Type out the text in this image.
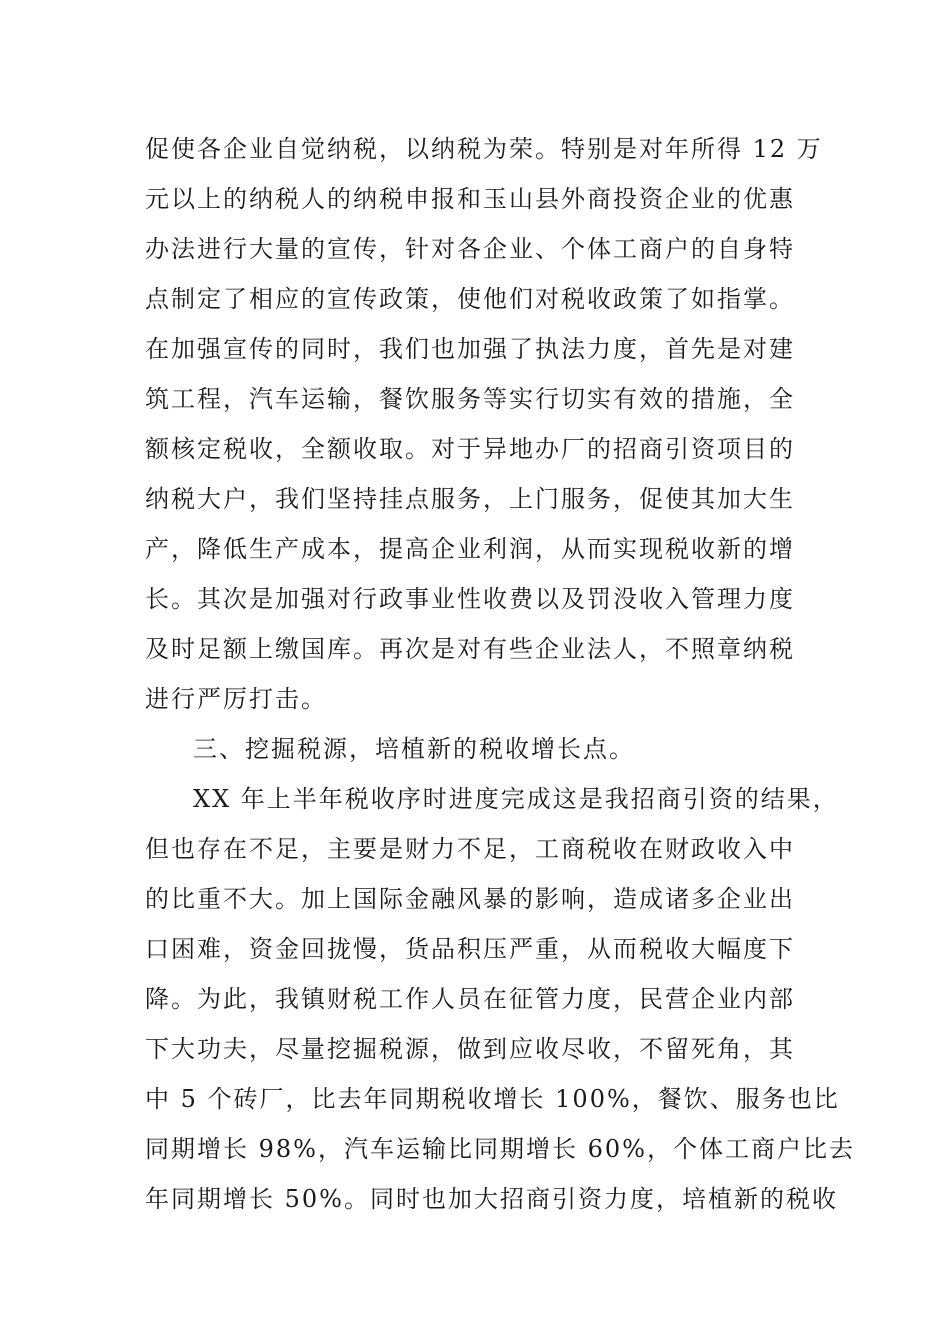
促使各企业自觉纳税，以纳税为荣。特别是对年所得 12 万
元以上的纳税人的纳税申报和玉山县外商投资企业的优惠
办法进行大量的宣传，针对各企业、个体工商户的自身特
点制定了相应的宣传政策，使他们对税收政策了如指掌。
在加强宣传的同时，我们也加强了执法力度，首先是对建
筑工程，汽车运输，餐饮服务等实行切实有效的措施，全
额核定税收，全额收取。对于异地办厂的招商引资项目的
纳税大户，我们坚持挂点服务，上门服务，促使其加大生
产，降低生产成本，提高企业利润，从而实现税收新的增
长。其次是加强对行政事业性收费以及罚没收入管理力度
及时足额上缴国库。再次是对有些企业法人，不照章纳税
进行严厉打击。
三、挖掘税源，培植新的税收增长点。
XX 年上半年税收序时进度完成这是我招商引资的结果，
但也存在不足，主要是财力不足，工商税收在财政收入中
的比重不大。加上国际金融风暴的影响，造成诸多企业出
口困难，资金回拢慢，货品积压严重，从而税收大幅度下
降。为此，我镇财税工作人员在征管力度，民营企业内部
下大功夫，尽量挖掘税源，做到应收尽收，不留死角，其
中 5 个砖厂，比去年同期税收增长 100%，餐饮、服务也比
同期增长 98%，汽车运输比同期增长 60%，个体工商户比去
年同期增长 50%。同时也加大招商引资力度，培植新的税收
